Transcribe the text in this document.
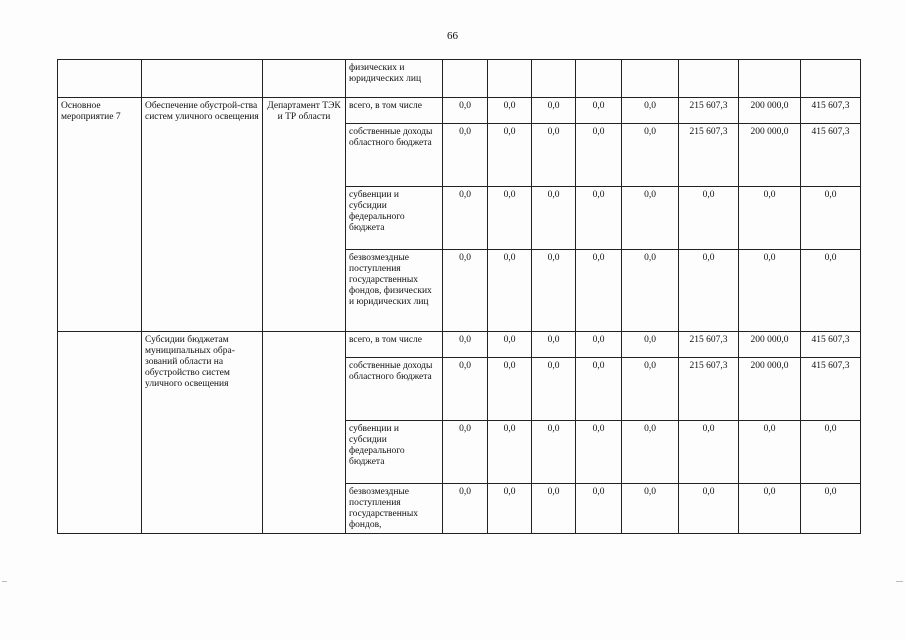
66
			физических и юридических лиц								
Основное мероприятие 7	Обеспечение обустрой-ства систем уличного освещения	Департамент ТЭК и ТР области	всего, в том числе	0,0	0,0	0,0	0,0	0,0	215 607,3	200 000,0	415 607,3
			собственные доходы областного бюджета	0,0	0,0	0,0	0,0	0,0	215 607,3	200 000,0	415 607,3
			субвенции и субсидии федерального бюджета	0,0	0,0	0,0	0,0	0,0	0,0	0,0	0,0
			безвозмездные поступления государственных фондов, физических и юридических лиц	0,0	0,0	0,0	0,0	0,0	0,0	0,0	0,0
	Субсидии бюджетам муниципальных обра-зований области на обустройство систем уличного освещения		всего, в том числе	0,0	0,0	0,0	0,0	0,0	215 607,3	200 000,0	415 607,3
			собственные доходы областного бюджета	0,0	0,0	0,0	0,0	0,0	215 607,3	200 000,0	415 607,3
			субвенции и субсидии федерального бюджета	0,0	0,0	0,0	0,0	0,0	0,0	0,0	0,0
			безвозмездные поступления государственных фондов,	0,0	0,0	0,0	0,0	0,0	0,0	0,0	0,0
